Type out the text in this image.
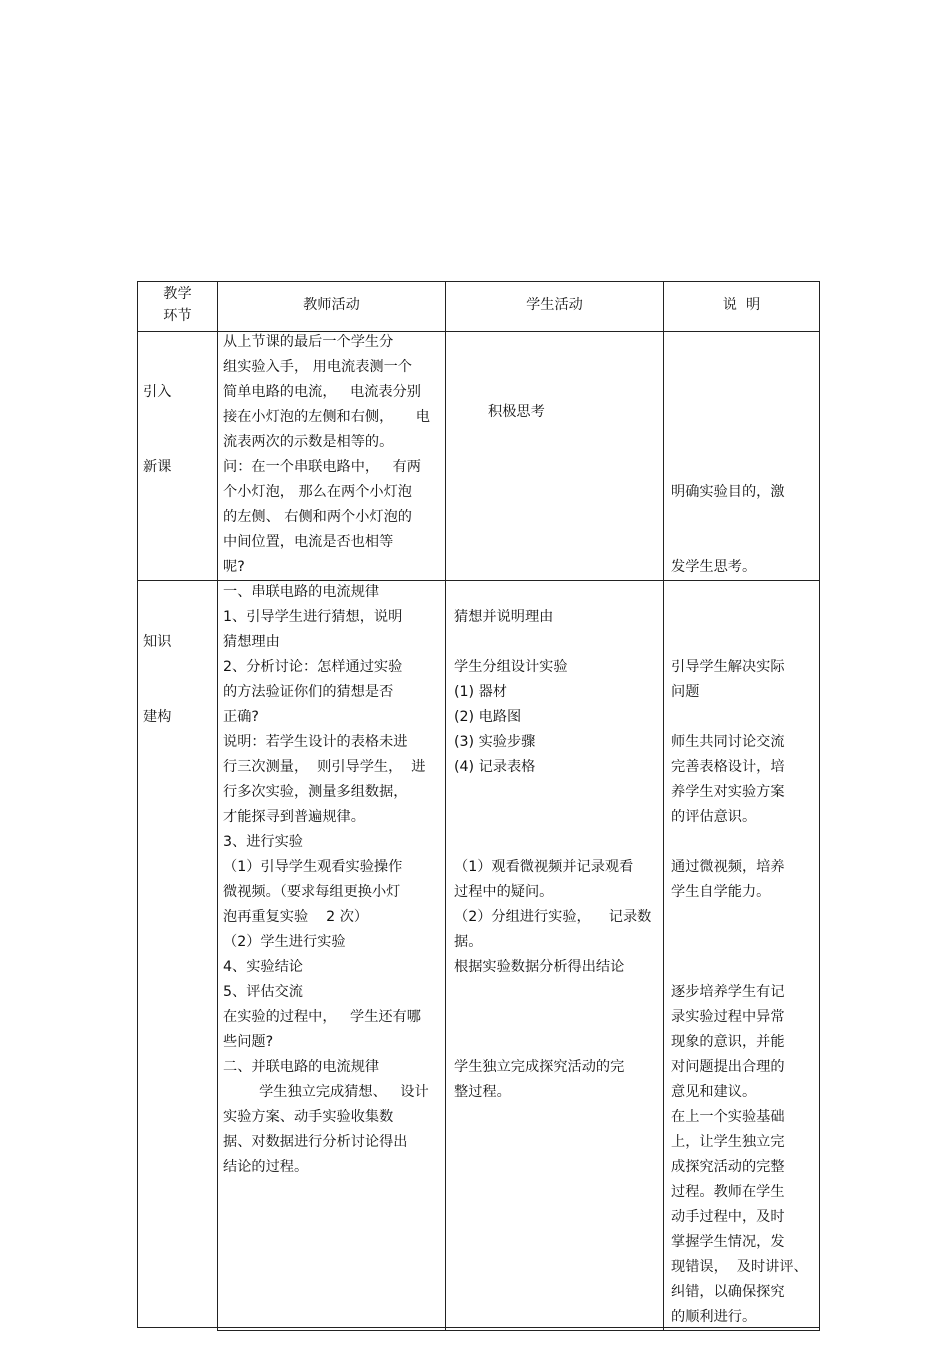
教学
环节
教师活动	学生活动	说  明

引入

新课

从上节课的最后一个学生分
组实验入手， 用电流表测一个
简单电路的电流，   电流表分别
接在小灯泡的左侧和右侧，     电
流表两次的示数是相等的。
问：在一个串联电路中，   有两
个小灯泡， 那么在两个小灯泡
的左侧、 右侧和两个小灯泡的
中间位置，电流是否也相等
呢?
积极思考

明确实验目的，激

发学生思考。

知识

建构

一、串联电路的电流规律
1、引导学生进行猜想，说明
猜想理由
2、分析讨论：怎样通过实验
的方法验证你们的猜想是否
正确?
说明：若学生设计的表格未进
行三次测量，  则引导学生，  进
行多次实验，测量多组数据，
才能探寻到普遍规律。
3、进行实验
（1）引导学生观看实验操作
微视频。（要求每组更换小灯
泡再重复实验    2 次）
（2）学生进行实验
4、实验结论
5、评估交流
在实验的过程中，   学生还有哪
些问题?
二、并联电路的电流规律
学生独立完成猜想、   设计
实验方案、动手实验收集数
据、对数据进行分析讨论得出
结论的过程。
猜想并说明理由
学生分组设计实验
(1) 器材
(2) 电路图
(3) 实验步骤
(4) 记录表格
（1）观看微视频并记录观看
过程中的疑问。
（2）分组进行实验，    记录数
据。
根据实验数据分析得出结论
学生独立完成探究活动的完
整过程。
引导学生解决实际
问题
师生共同讨论交流
完善表格设计，培
养学生对实验方案
的评估意识。
通过微视频，培养
学生自学能力。
逐步培养学生有记
录实验过程中异常
现象的意识，并能
对问题提出合理的
意见和建议。
在上一个实验基础
上，让学生独立完
成探究活动的完整
过程。教师在学生
动手过程中，及时
掌握学生情况，发
现错误，  及时讲评、
纠错，以确保探究
的顺利进行。
